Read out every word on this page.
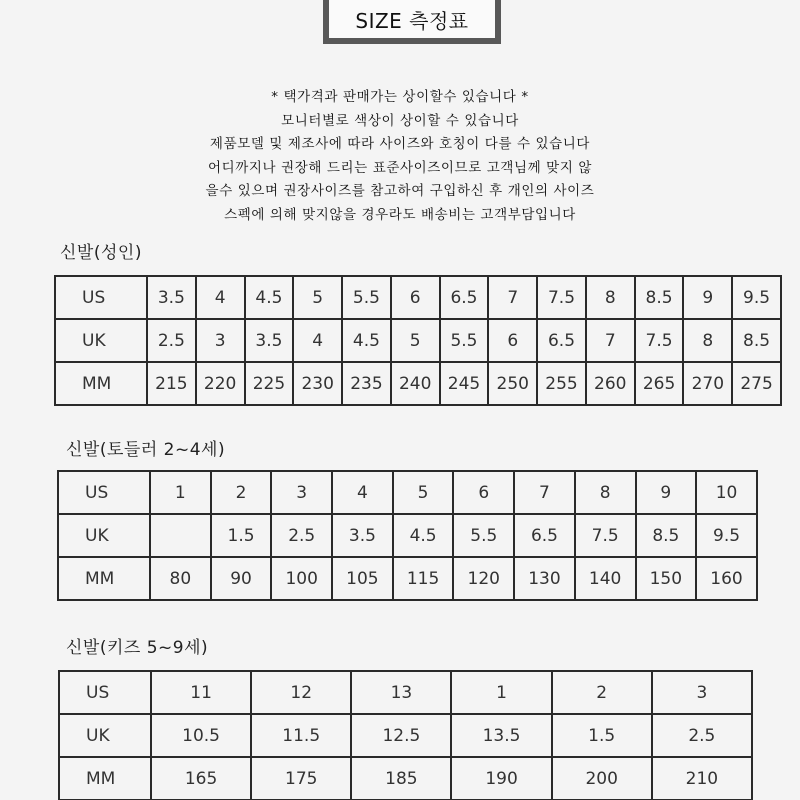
SIZE 측정표
* 택가격과 판매가는 상이할수 있습니다 *
모니터별로 색상이 상이할 수 있습니다
제품모델 및 제조사에 따라 사이즈와 호칭이 다를 수 있습니다
어디까지나 권장해 드리는 표준사이즈이므로 고객님께 맞지 않
을수 있으며 권장사이즈를 참고하여 구입하신 후 개인의 사이즈
스펙에 의해 맞지않을 경우라도 배송비는 고객부담입니다
신발(성인)
US	3.5	4	4.5	5	5.5	6	6.5	7	7.5	8	8.5	9	9.5
UK	2.5	3	3.5	4	4.5	5	5.5	6	6.5	7	7.5	8	8.5
MM	215	220	225	230	235	240	245	250	255	260	265	270	275
신발(토들러 2~4세)
US	1	2	3	4	5	6	7	8	9	10
UK		1.5	2.5	3.5	4.5	5.5	6.5	7.5	8.5	9.5
MM	80	90	100	105	115	120	130	140	150	160
신발(키즈 5~9세)
US	11	12	13	1	2	3
UK	10.5	11.5	12.5	13.5	1.5	2.5
MM	165	175	185	190	200	210
